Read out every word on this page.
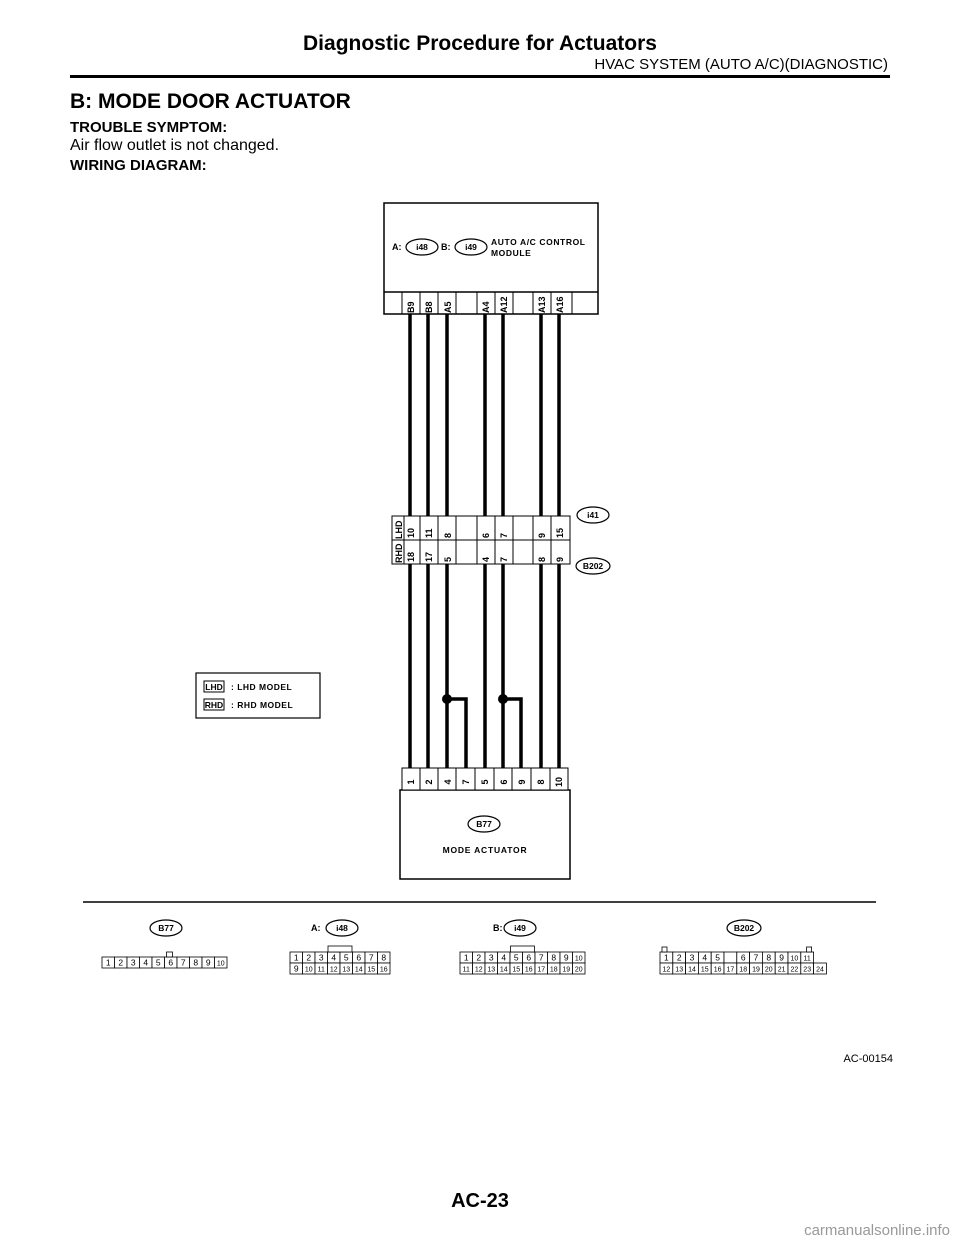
Diagnostic Procedure for Actuators
HVAC SYSTEM (AUTO A/C)(DIAGNOSTIC)
B: MODE DOOR ACTUATOR
TROUBLE SYMPTOM:
Air flow outlet is not changed.
WIRING DIAGRAM:
A: i48 B: i49 AUTO A/C CONTROL
MODULE
B9 B8 A5	A4 A12	A13 A16
LHD
RHD
10 11 8	6 7	9 15
18 17 5	4 7	8 9
i41
B202
LHD : LHD MODEL
RHD : RHD MODEL
1 2 4 7 5 6 9 8 10
B77
MODE ACTUATOR
B77
1 2 3 4 5 6 7 8 9 10
i48
A:
1 2 3 4 5 6 7 8
9 10 11 12 13 14 15 16
i49
B:
1 2 3 4 5 6 7 8 9 10
11 12 13 14 15 16 17 18 19 20
B202
1 2 3 4 5 6 7 8 9 10 11
12 13 14 15 16 17 18 19 20 21 22 23 24
AC-00154
AC-23
carmanualsonline.info
